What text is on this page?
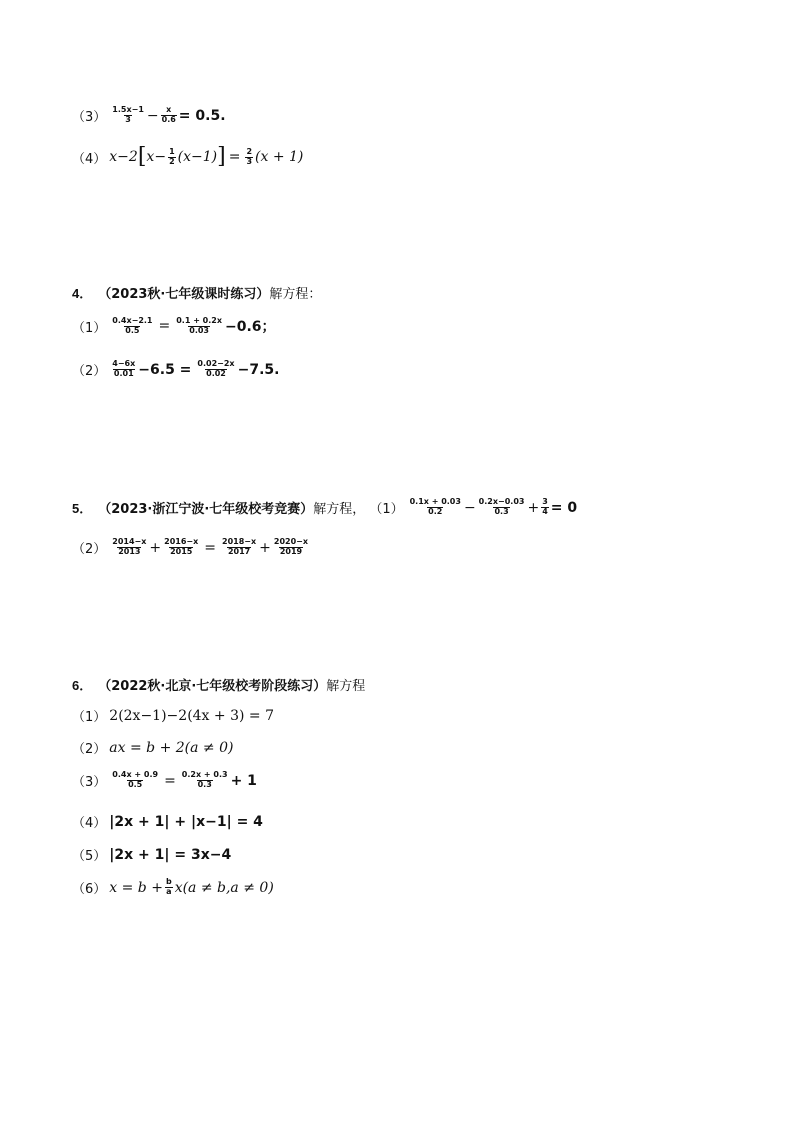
$(3) \frac{1.5x-1}{3} - \frac{x}{0.6} = 0.5$.
（4） x−2 [ $x- \frac{1}{2} (x-1)$ ] = $\frac{2}{3} (x + 1)$
4． （2023秋·七年级课时练习） 解方程：
$(1) \frac{0.4x-2.1}{0.5} = \frac{0.1 + 0.2x}{0.03} -0.6$；
$(2) \frac{4-6x}{0.01} -6.5 = \frac{0.02-2x}{0.02} -7.5$.
5． （2023·浙江宁波·七年级校考竞赛） 解方程， $(1) \frac{0.1x + 0.03}{0.2} - \frac{0.2x-0.03}{0.3} + \frac{3}{4} = 0$
$(2) \frac{2014-x}{2013} + \frac{2016-x}{2015} = \frac{2018-x}{2017} + \frac{2020-x}{2019}$
6． （2022秋·北京·七年级校考阶段练习） 解方程
（1） 2(2x−1)−2(4x + 3) = 7
（2） ax = b + 2(a ≠ 0)
$(3) \frac{0.4x + 0.9}{0.5} = \frac{0.2x + 0.3}{0.3} + 1$
（4） |2x + 1| + |x−1| = 4
（5） |2x + 1| = 3x−4
（6） $x = b + \frac{b}{a} x(a \ne b,a \ne 0)$
